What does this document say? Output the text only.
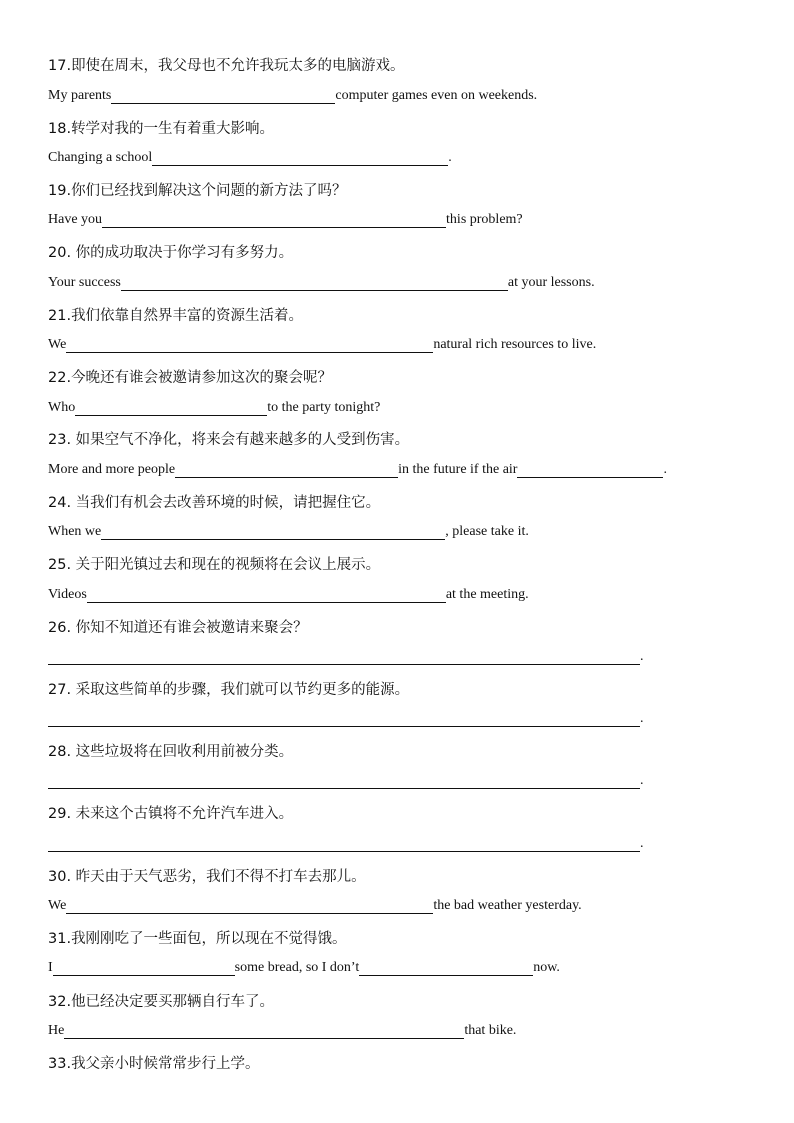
17.即使在周末，我父母也不允许我玩太多的电脑游戏。
My parents	computer games even on weekends.
18.转学对我的一生有着重大影响。
Changing a school	.
19.你们已经找到解决这个问题的新方法了吗？
Have you	this problem?
20. 你的成功取决于你学习有多努力。
Your success	at your lessons.
21.我们依靠自然界丰富的资源生活着。
We	natural rich resources to live.
22.今晚还有谁会被邀请参加这次的聚会呢？
Who	to the party tonight?
23. 如果空气不净化，将来会有越来越多的人受到伤害。
More and more people	in the future if the air	.
24. 当我们有机会去改善环境的时候，请把握住它。
When we	, please take it.
25. 关于阳光镇过去和现在的视频将在会议上展示。
Videos	at the meeting.
26. 你知不知道还有谁会被邀请来聚会？
.
27. 采取这些简单的步骤，我们就可以节约更多的能源。
.
28. 这些垃圾将在回收利用前被分类。
.
29. 未来这个古镇将不允许汽车进入。
.
30. 昨天由于天气恶劣，我们不得不打车去那儿。
We	the bad weather yesterday.
31.我刚刚吃了一些面包，所以现在不觉得饿。
I	some bread, so I don’t	now.
32.他已经决定要买那辆自行车了。
He	that bike.
33.我父亲小时候常常步行上学。
